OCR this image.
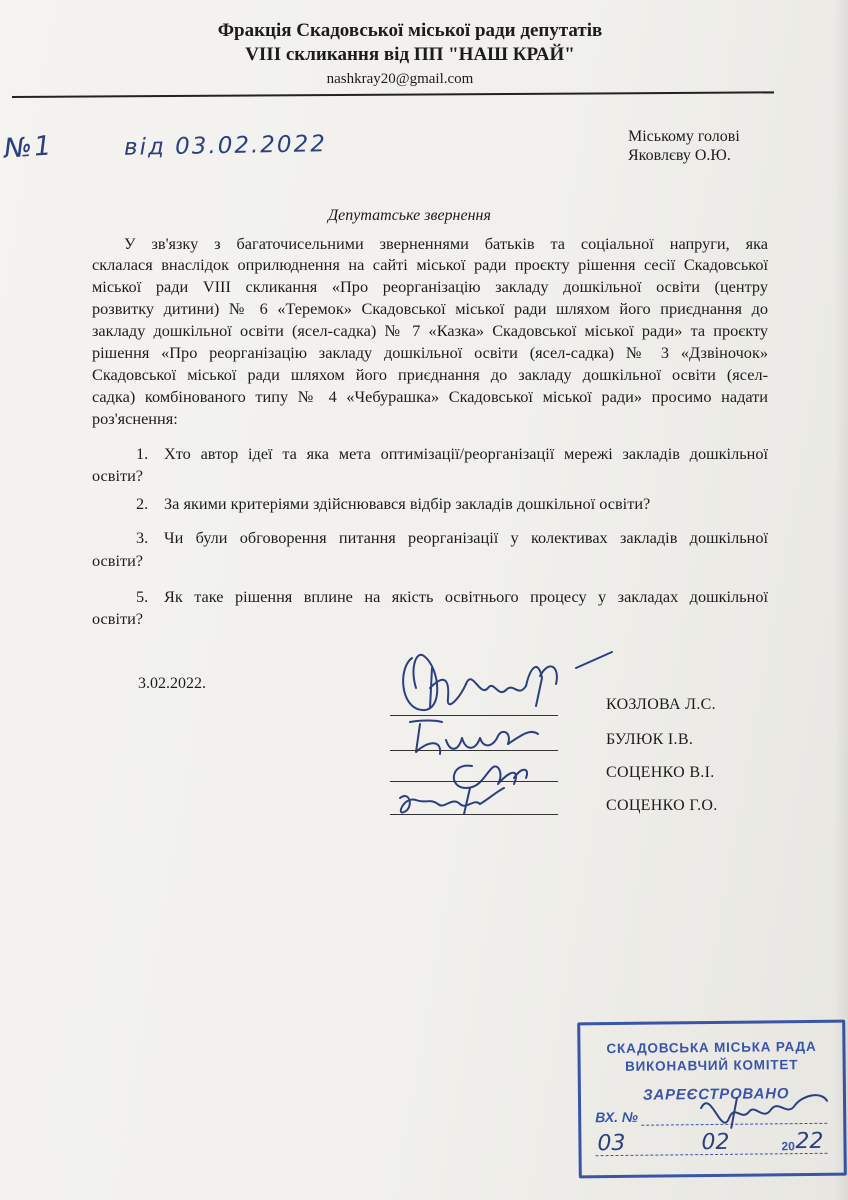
Фракція Скадовської міської ради депутатів
VIII скликання від ПП "НАШ КРАЙ"
nashkray20@gmail.com
№1	від 03.02.2022	Міському голові
Яковлєву О.Ю.
Депутатське звернення
У зв'язку з багаточисельними зверненнями батьків та соціальної напруги, яка
склалася внаслідок оприлюднення на сайті міської ради проєкту рішення сесії Скадовської
міської ради VIII скликання «Про реорганізацію закладу дошкільної освіти (центру
розвитку дитини) № 6 «Теремок» Скадовської міської ради шляхом його приєднання до
закладу дошкільної освіти (ясел-садка) № 7 «Казка» Скадовської міської ради» та проєкту
рішення «Про реорганізацію закладу дошкільної освіти (ясел-садка) № 3 «Дзвіночок»
Скадовської міської ради шляхом його приєднання до закладу дошкільної освіти (ясел-
садка) комбінованого типу № 4 «Чебурашка» Скадовської міської ради» просимо надати
роз'яснення:
1. Хто автор ідеї та яка мета оптимізації/реорганізації мережі закладів дошкільної
освіти?
2. За якими критеріями здійснювався відбір закладів дошкільної освіти?
3. Чи були обговорення питання реорганізації у колективах закладів дошкільної
освіти?
5. Як таке рішення вплине на якість освітнього процесу у закладах дошкільної
освіти?
3.02.2022.
КОЗЛОВА Л.С.
БУЛЮК І.В.
СОЦЕНКО В.І.
СОЦЕНКО Г.О.
СКАДОВСЬКА МІСЬКА РАДА
ВИКОНАВЧИЙ КОМІТЕТ
ЗАРЕЄСТРОВАНО
ВХ. №
03	02	20 22
